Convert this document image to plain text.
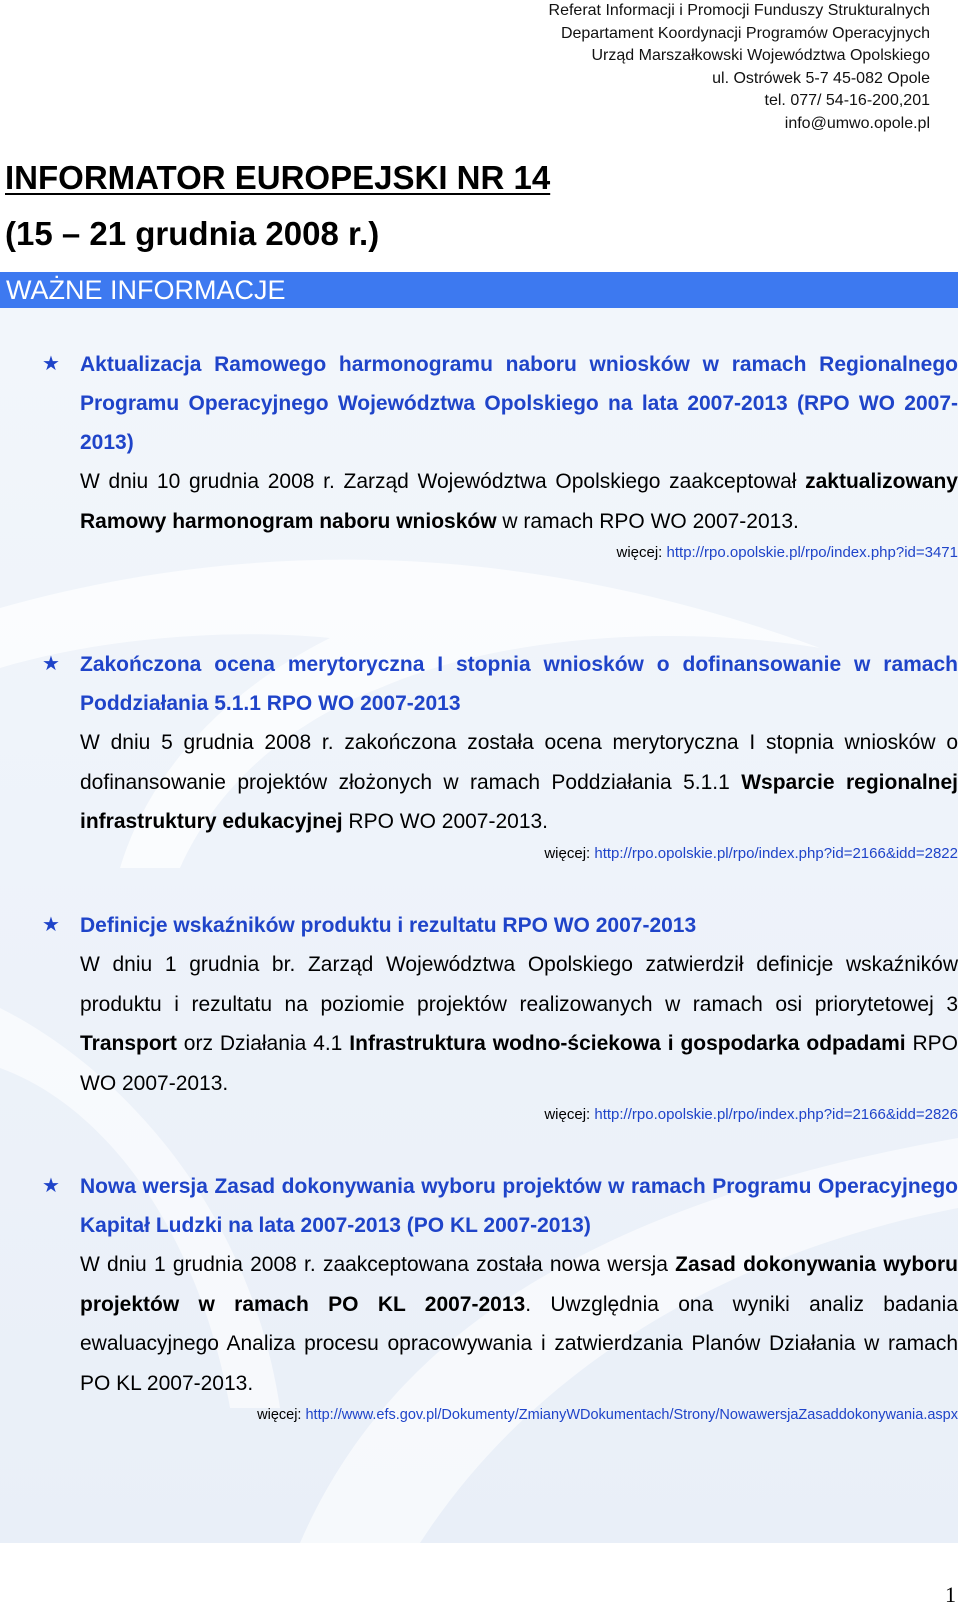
Referat Informacji i Promocji Funduszy Strukturalnych
Departament Koordynacji Programów Operacyjnych
Urząd Marszałkowski Województwa Opolskiego
ul. Ostrówek 5-7 45-082 Opole
tel. 077/ 54-16-200,201
info@umwo.opole.pl
INFORMATOR EUROPEJSKI NR 14
(15 – 21 grudnia 2008 r.)
WAŻNE INFORMACJE
★ Aktualizacja Ramowego harmonogramu naboru wniosków w ramach Regionalnego Programu Operacyjnego Województwa Opolskiego na lata 2007-2013 (RPO WO 2007-2013)
W dniu 10 grudnia 2008 r. Zarząd Województwa Opolskiego zaakceptował zaktualizowany Ramowy harmonogram naboru wniosków w ramach RPO WO 2007-2013.
więcej: http://rpo.opolskie.pl/rpo/index.php?id=3471
★ Zakończona ocena merytoryczna I stopnia wniosków o dofinansowanie w ramach Poddziałania 5.1.1 RPO WO 2007-2013
W dniu 5 grudnia 2008 r. zakończona została ocena merytoryczna I stopnia wniosków o dofinansowanie projektów złożonych w ramach Poddziałania 5.1.1 Wsparcie regionalnej infrastruktury edukacyjnej RPO WO 2007-2013.
więcej: http://rpo.opolskie.pl/rpo/index.php?id=2166&idd=2822
★ Definicje wskaźników produktu i rezultatu RPO WO 2007-2013
W dniu 1 grudnia br. Zarząd Województwa Opolskiego zatwierdził definicje wskaźników produktu i rezultatu na poziomie projektów realizowanych w ramach osi priorytetowej 3 Transport orz Działania 4.1 Infrastruktura wodno-ściekowa i gospodarka odpadami RPO WO 2007-2013.
więcej: http://rpo.opolskie.pl/rpo/index.php?id=2166&idd=2826
★ Nowa wersja Zasad dokonywania wyboru projektów w ramach Programu Operacyjnego Kapitał Ludzki na lata 2007-2013 (PO KL 2007-2013)
W dniu 1 grudnia 2008 r. zaakceptowana została nowa wersja Zasad dokonywania wyboru projektów w ramach PO KL 2007-2013. Uwzględnia ona wyniki analiz badania ewaluacyjnego Analiza procesu opracowywania i zatwierdzania Planów Działania w ramach PO KL 2007-2013.
więcej: http://www.efs.gov.pl/Dokumenty/ZmianyWDokumentach/Strony/NowawersjaZasaddokonywania.aspx
1
